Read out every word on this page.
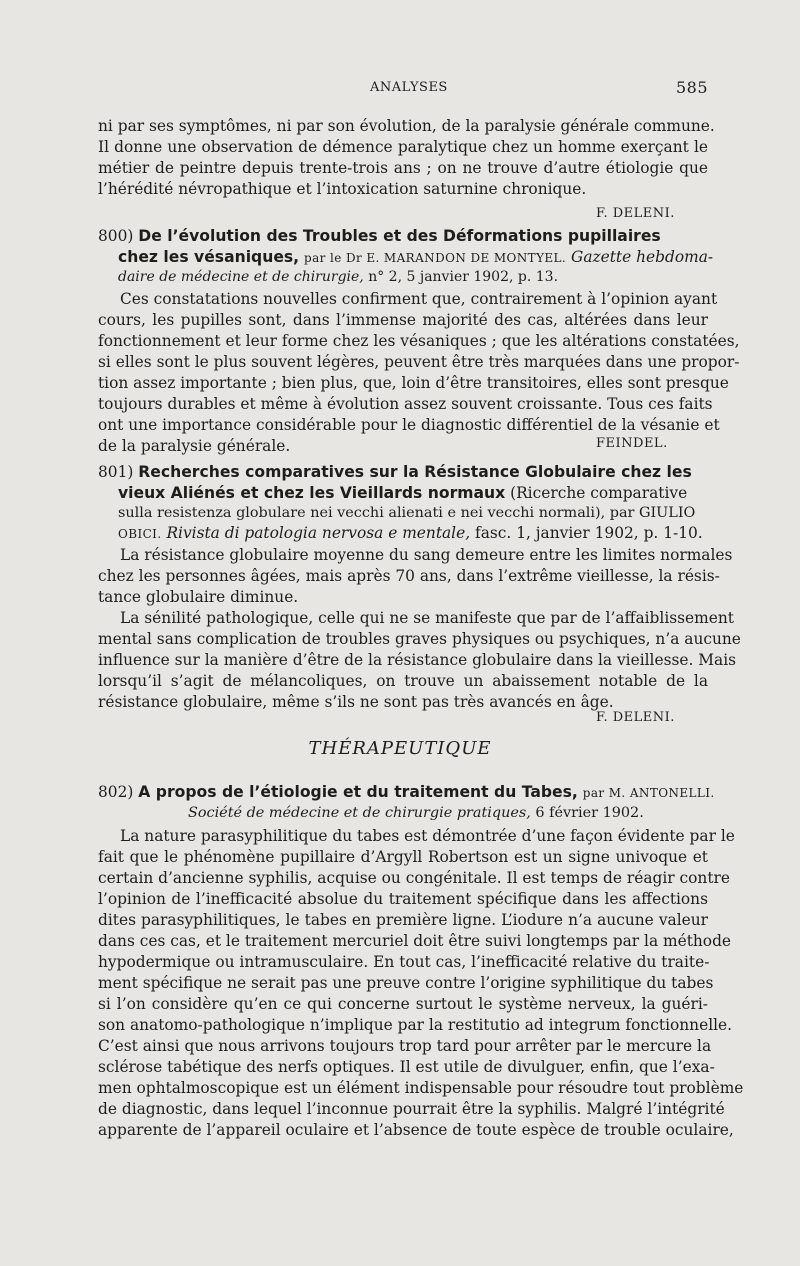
ANALYSES	585
ni par ses symptômes, ni par son évolution, de la paralysie générale commune.
Il donne une observation de démence paralytique chez un homme exerçant le
métier de peintre depuis trente-trois ans ; on ne trouve d’autre étiologie que
l’hérédité névropathique et l’intoxication saturnine chronique.
F. DELENI.
800) De l’évolution des Troubles et des Déformations pupillaires
chez les vésaniques, par le Dr E. MARANDON DE MONTYEL. Gazette hebdoma-
daire de médecine et de chirurgie, n° 2, 5 janvier 1902, p. 13.
Ces constatations nouvelles confirment que, contrairement à l’opinion ayant
cours, les pupilles sont, dans l’immense majorité des cas, altérées dans leur
fonctionnement et leur forme chez les vésaniques ; que les altérations constatées,
si elles sont le plus souvent légères, peuvent être très marquées dans une propor-
tion assez importante ; bien plus, que, loin d’être transitoires, elles sont presque
toujours durables et même à évolution assez souvent croissante. Tous ces faits
ont une importance considérable pour le diagnostic différentiel de la vésanie et
de la paralysie générale.	FEINDEL.
801) Recherches comparatives sur la Résistance Globulaire chez les
vieux Aliénés et chez les Vieillards normaux (Ricerche comparative
sulla resistenza globulare nei vecchi alienati e nei vecchi normali), par GIULIO
OBICI. Rivista di patologia nervosa e mentale, fasc. 1, janvier 1902, p. 1-10.
La résistance globulaire moyenne du sang demeure entre les limites normales
chez les personnes âgées, mais après 70 ans, dans l’extrême vieillesse, la résis-
tance globulaire diminue.
La sénilité pathologique, celle qui ne se manifeste que par de l’affaiblissement
mental sans complication de troubles graves physiques ou psychiques, n’a aucune
influence sur la manière d’être de la résistance globulaire dans la vieillesse. Mais
lorsqu’il s’agit de mélancoliques, on trouve un abaissement notable de la
résistance globulaire, même s’ils ne sont pas très avancés en âge.
F. DELENI.
THÉRAPEUTIQUE
802) A propos de l’étiologie et du traitement du Tabes, par M. ANTONELLI.
Société de médecine et de chirurgie pratiques, 6 février 1902.
La nature parasyphilitique du tabes est démontrée d’une façon évidente par le
fait que le phénomène pupillaire d’Argyll Robertson est un signe univoque et
certain d’ancienne syphilis, acquise ou congénitale. Il est temps de réagir contre
l’opinion de l’inefficacité absolue du traitement spécifique dans les affections
dites parasyphilitiques, le tabes en première ligne. L’iodure n’a aucune valeur
dans ces cas, et le traitement mercuriel doit être suivi longtemps par la méthode
hypodermique ou intramusculaire. En tout cas, l’inefficacité relative du traite-
ment spécifique ne serait pas une preuve contre l’origine syphilitique du tabes
si l’on considère qu’en ce qui concerne surtout le système nerveux, la guéri-
son anatomo-pathologique n’implique par la restitutio ad integrum fonctionnelle.
C’est ainsi que nous arrivons toujours trop tard pour arrêter par le mercure la
sclérose tabétique des nerfs optiques. Il est utile de divulguer, enfin, que l’exa-
men ophtalmoscopique est un élément indispensable pour résoudre tout problème
de diagnostic, dans lequel l’inconnue pourrait être la syphilis. Malgré l’intégrité
apparente de l’appareil oculaire et l’absence de toute espèce de trouble oculaire,
